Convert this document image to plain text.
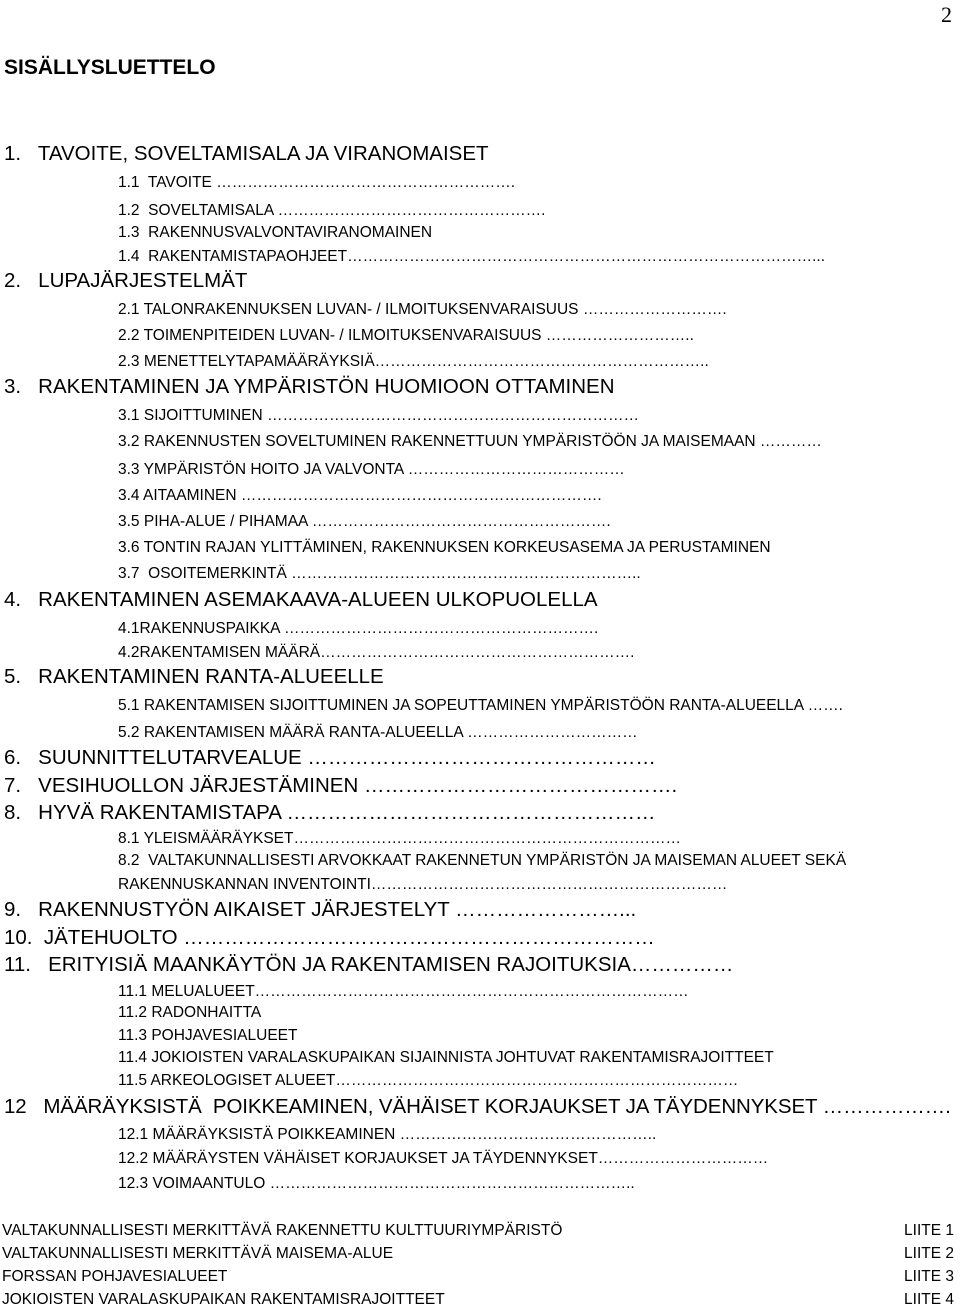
2
SISÄLLYSLUETTELO
1.   TAVOITE, SOVELTAMISALA JA VIRANOMAISET
1.1  TAVOITE ………………………………………………….
1.2  SOVELTAMISALA …………………………………………….
1.3  RAKENNUSVALVONTAVIRANOMAINEN
1.4  RAKENTAMISTAPAOHJEET………………………………………………………………………………...
2.   LUPAJÄRJESTELMÄT
2.1 TALONRAKENNUKSEN LUVAN- / ILMOITUKSENVARAISUUS ……………………….
2.2 TOIMENPITEIDEN LUVAN- / ILMOITUKSENVARAISUUS ………………………..
2.3 MENETTELYTAPAMÄÄRÄYKSIÄ………………………………………………………..
3.   RAKENTAMINEN JA YMPÄRISTÖN HUOMIOON OTTAMINEN
3.1 SIJOITTUMINEN ………………………………………………………………
3.2 RAKENNUSTEN SOVELTUMINEN RAKENNETTUUN YMPÄRISTÖÖN JA MAISEMAAN …………
3.3 YMPÄRISTÖN HOITO JA VALVONTA ……………………………………
3.4 AITAAMINEN …………………………………………………………….
3.5 PIHA-ALUE / PIHAMAA ………………………………………………….
3.6 TONTIN RAJAN YLITTÄMINEN, RAKENNUKSEN KORKEUSASEMA JA PERUSTAMINEN
3.7  OSOITEMERKINTÄ …………………………………………………………..
4.   RAKENTAMINEN ASEMAKAAVA-ALUEEN ULKOPUOLELLA
4.1RAKENNUSPAIKKA …………………………………………………….
4.2RAKENTAMISEN MÄÄRÄ…………………………………………………….
5.   RAKENTAMINEN RANTA-ALUEELLE
5.1 RAKENTAMISEN SIJOITTUMINEN JA SOPEUTTAMINEN YMPÄRISTÖÖN RANTA-ALUEELLA …….
5.2 RAKENTAMISEN MÄÄRÄ RANTA-ALUEELLA ……………………………
6.   SUUNNITTELUTARVEALUE ……………………………………………
7.   VESIHUOLLON JÄRJESTÄMINEN ……………………………………….
8.   HYVÄ RAKENTAMISTAPA ………………………………………………
8.1 YLEISMÄÄRÄYKSET…………………………………………………………………
8.2  VALTAKUNNALLISESTI ARVOKKAAT RAKENNETUN YMPÄRISTÖN JA MAISEMAN ALUEET SEKÄ
RAKENNUSKANNAN INVENTOINTI……………………………………………………………
9.   RAKENNUSTYÖN AIKAISET JÄRJESTELYT ……………………...
10.  JÄTEHUOLTO ……………………………………………………………
11.   ERITYISIÄ MAANKÄYTÖN JA RAKENTAMISEN RAJOITUKSIA……………
11.1 MELUALUEET…………………………………………………………………………
11.2 RADONHAITTA
11.3 POHJAVESIALUEET
11.4 JOKIOISTEN VARALASKUPAIKAN SIJAINNISTA JOHTUVAT RAKENTAMISRAJOITTEET
11.5 ARKEOLOGISET ALUEET……………………………………………………………………
12   MÄÄRÄYKSISTÄ  POIKKEAMINEN, VÄHÄISET KORJAUKSET JA TÄYDENNYKSET ……………….
12.1 MÄÄRÄYKSISTÄ POIKKEAMINEN …………………………………………..
12.2 MÄÄRÄYSTEN VÄHÄISET KORJAUKSET JA TÄYDENNYKSET……………………………
12.3 VOIMAANTULO ……………………………………………………………..
VALTAKUNNALLISESTI MERKITTÄVÄ RAKENNETTU KULTTUURIYMPÄRISTÖ	LIITE 1
VALTAKUNNALLISESTI MERKITTÄVÄ MAISEMA-ALUE	LIITE 2
FORSSAN POHJAVESIALUEET	LIITE 3
JOKIOISTEN VARALASKUPAIKAN RAKENTAMISRAJOITTEET	LIITE 4
